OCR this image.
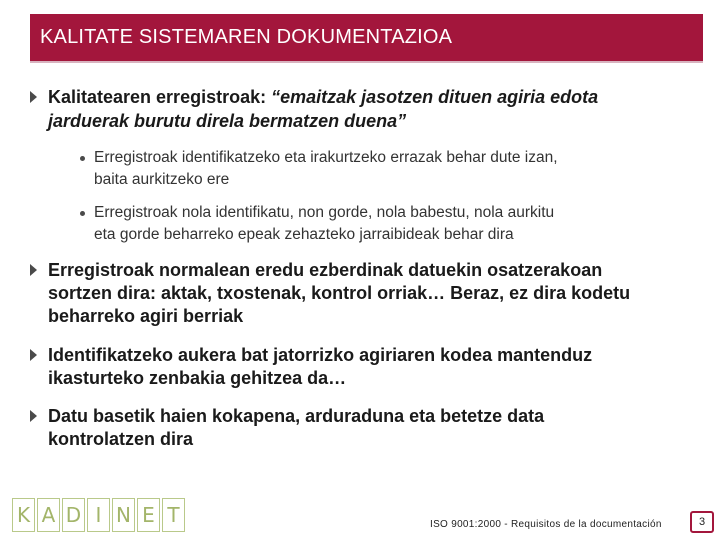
KALITATE SISTEMAREN DOKUMENTAZIOA
Kalitatearen erregistroak: “emaitzak jasotzen dituen agiria edota
jarduerak burutu direla bermatzen duena”
Erregistroak identifikatzeko eta irakurtzeko errazak behar dute izan,
baita aurkitzeko ere
Erregistroak nola identifikatu, non gorde, nola babestu, nola aurkitu
eta gorde beharreko epeak zehazteko jarraibideak behar dira
Erregistroak normalean eredu ezberdinak datuekin osatzerakoan
sortzen dira: aktak, txostenak, kontrol orriak… Beraz, ez dira kodetu
beharreko agiri berriak
Identifikatzeko aukera bat jatorrizko agiriaren kodea mantenduz
ikasturteko zenbakia gehitzea da…
Datu basetik haien kokapena, arduraduna eta betetze data
kontrolatzen dira
K A D I N E T	ISO 9001:2000 - Requisitos de la documentación	3
